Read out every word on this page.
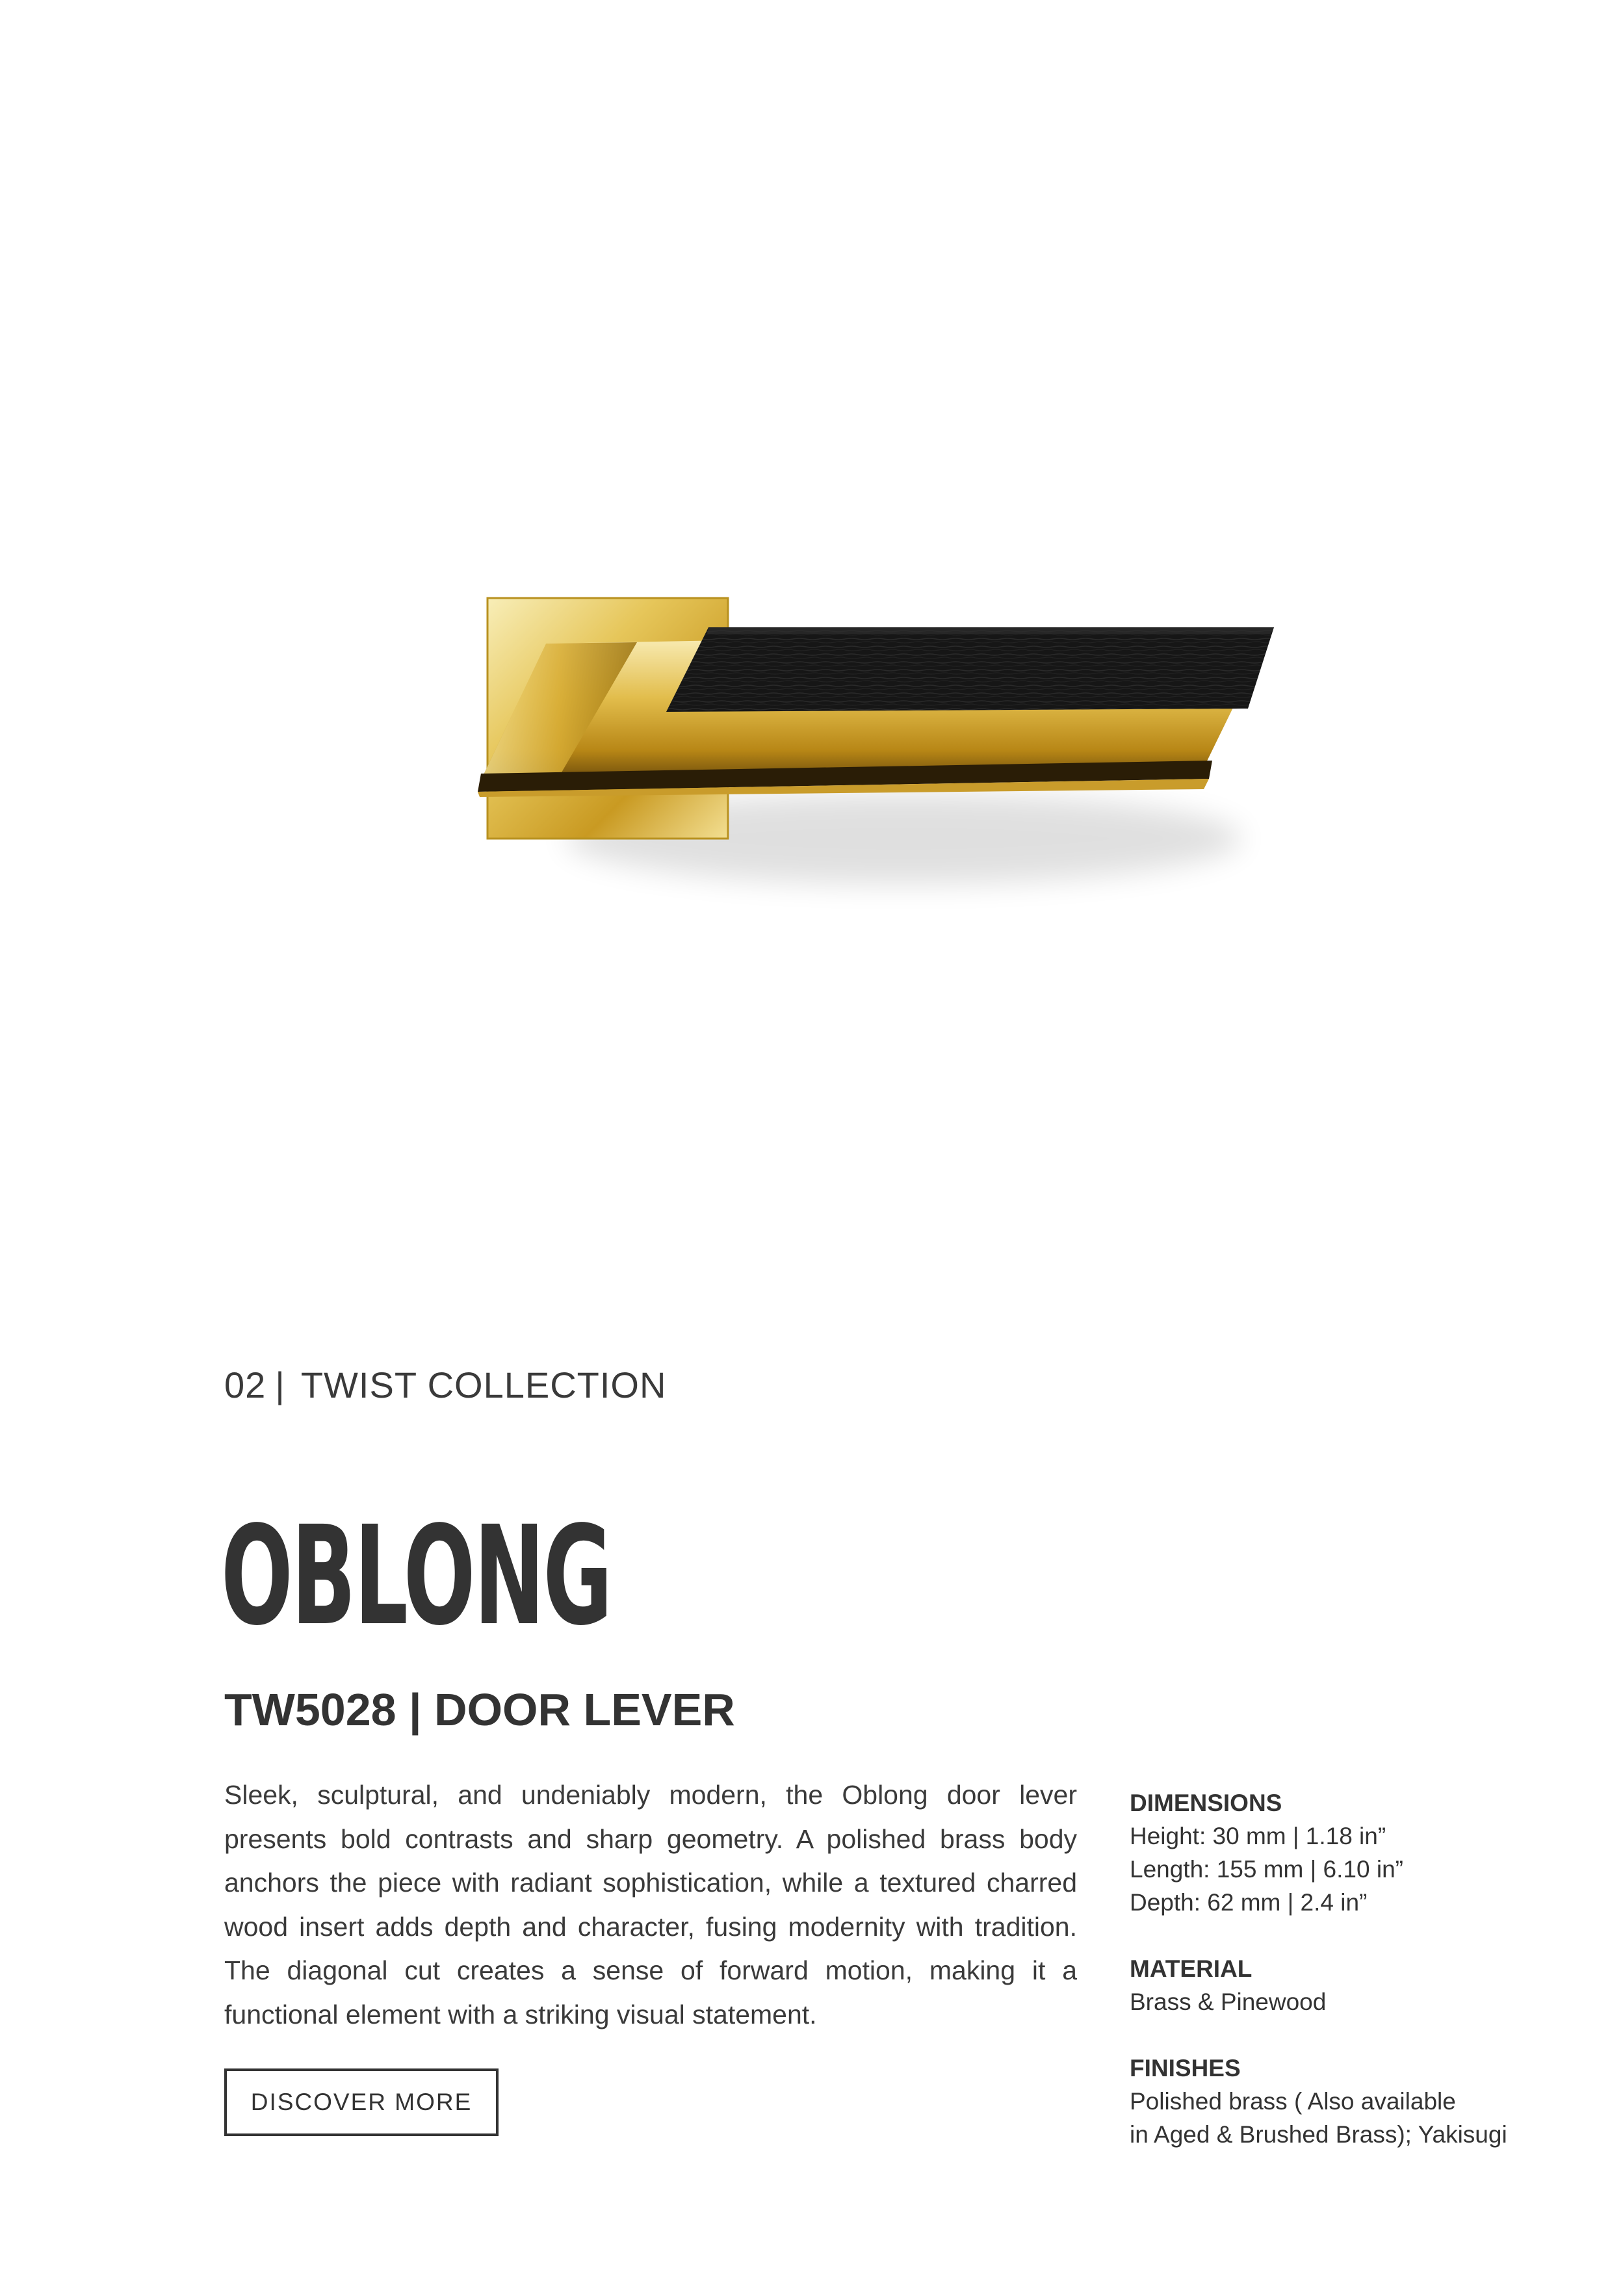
02 | TWIST COLLECTION
OBLONG
TW5028 | DOOR LEVER

Sleek, sculptural, and undeniably modern, the Oblong door lever presents bold contrasts and sharp geometry. A polished brass body anchors the piece with radiant sophistication, while a textured charred wood insert adds depth and character, fusing modernity with tradition. The diagonal cut creates a sense of forward motion, making it a functional element with a striking visual statement.

DISCOVER MORE
DIMENSIONS
Height: 30 mm | 1.18 in”
Length: 155 mm | 6.10 in”
Depth: 62 mm | 2.4 in”
MATERIAL
Brass & Pinewood
FINISHES
Polished brass ( Also available
in Aged & Brushed Brass); Yakisugi
